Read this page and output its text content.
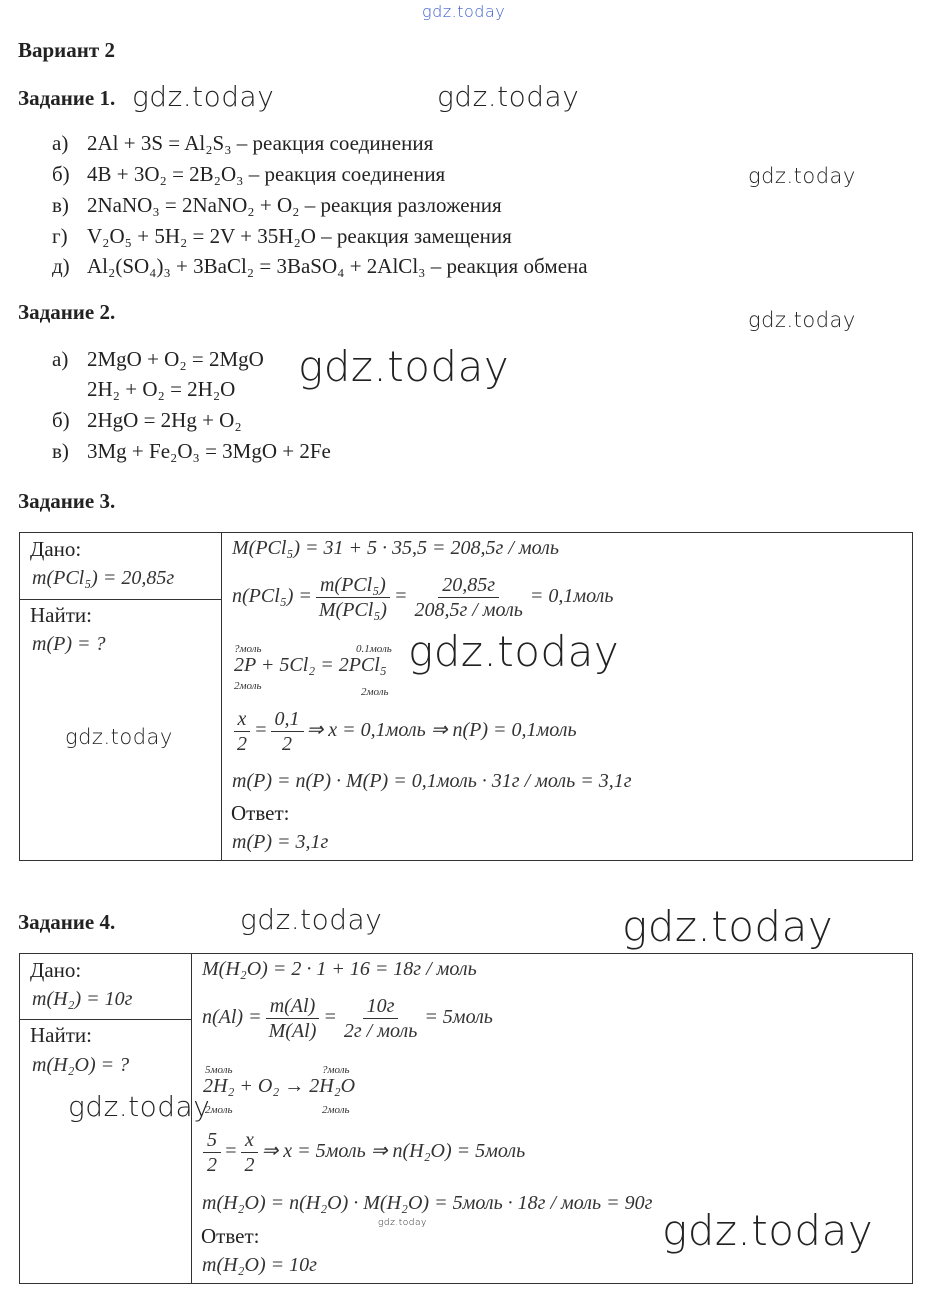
gdz.today
Вариант 2
Задание 1. gdz.today	gdz.today
gdz.today
а) 2Al + 3S = Al₂S₃ – реакция соединения
б) 4B + 3O₂ = 2B₂O₃ – реакция соединения
в) 2NaNO₃ = 2NaNO₂ + O₂ – реакция разложения
г) V₂O₅ + 5H₂ = 2V + 35H₂O – реакция замещения
д) Al₂(SO₄)₃ + 3BaCl₂ = 3BaSO₄ + 2AlCl₃ – реакция обмена
Задание 2.	gdz.today
gdz.today
а) 2MgO + O₂ = 2MgO
2H₂ + O₂ = 2H₂O
б) 2HgO = 2Hg + O₂
в) 3Mg + Fe₂O₃ = 3MgO + 2Fe
Задание 3.
Дано:
m(PCl₅) = 20,85г
Найти:
m(P) = ?
gdz.today
M(PCl₅) = 31 + 5 · 35,5 = 208,5г / моль
$n(PCl_5) = \frac{\text{m(PCl₅)}}{\text{M(PCl₅)}} = \frac{20,85г}{\text{208,5г / моль}}$ = 0,1моль
?моль	0.1моль
2P + 5Cl₂ = 2PCl₅
2моль	2моль
gdz.today
$\frac{x}{2} = \frac{0,1}{2}$ ⇒ x = 0,1моль ⇒ n(P) = 0,1моль
m(P) = n(P) · M(P) = 0,1моль · 31г / моль = 3,1г
Ответ:
m(P) = 3,1г
Задание 4.	gdz.today	gdz.today
Дано:
m(H₂) = 10г
Найти:
m(H₂O) = ?
M(H₂O) = 2 · 1 + 16 = 18г / моль
$n(Al) = \frac{m(Al)}{M(Al)} = \frac{10г}{\text{2г / моль}}$ = 5моль
5моль	?моль
2H₂ + O₂ → 2H₂O
2моль	2моль
$\frac{5}{2} = \frac{x}{2}$ ⇒ x = 5моль ⇒ n(H₂O) = 5моль
m(H₂O) = n(H₂O) · M(H₂O) = 5моль · 18г / моль = 90г
gdz.today
Ответ:
m(H₂O) = 10г
gdz.today
gdz.today
